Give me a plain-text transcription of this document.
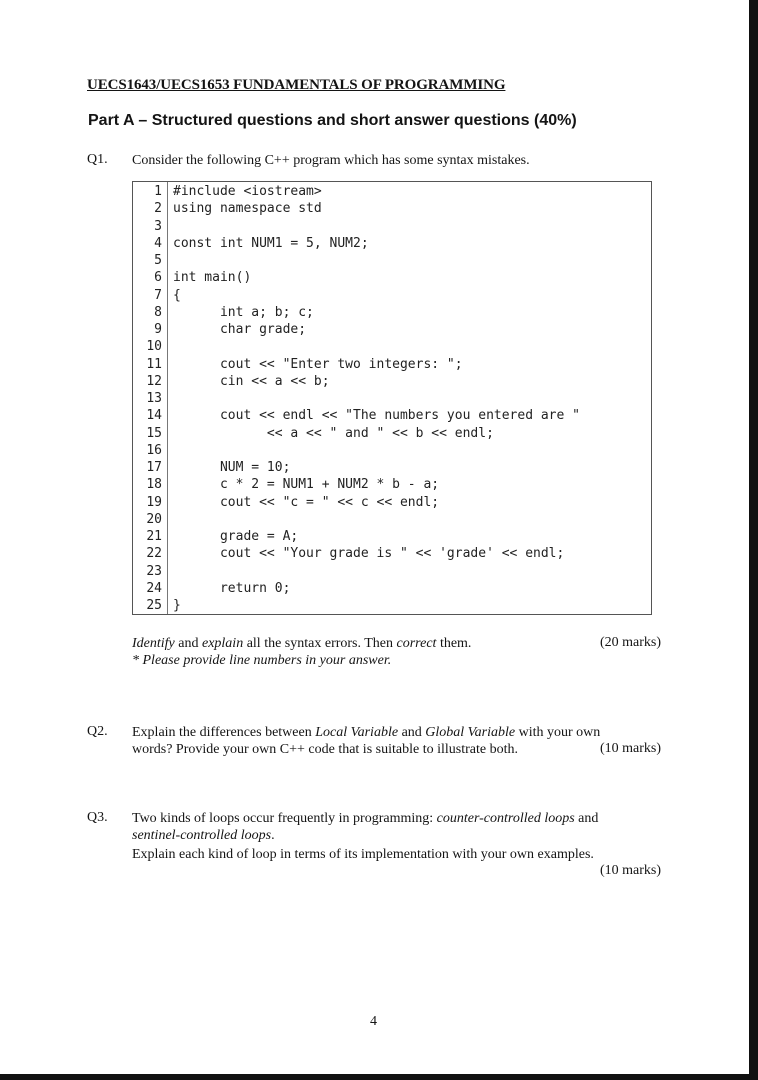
UECS1643/UECS1653 FUNDAMENTALS OF PROGRAMMING
Part A – Structured questions and short answer questions (40%)
Q1. Consider the following C++ program which has some syntax mistakes.
1 #include <iostream>
2 using namespace std
3
4 const int NUM1 = 5, NUM2;
5
6 int main()
7 {
8 int a; b; c;
9 char grade;
10
11 cout << "Enter two integers: ";
12 cin << a << b;
13
14 cout << endl << "The numbers you entered are "
15 << a << " and " << b << endl;
16
17 NUM = 10;
18 c * 2 = NUM1 + NUM2 * b - a;
19 cout << "c = " << c << endl;
20
21 grade = A;
22 cout << "Your grade is " << 'grade' << endl;
23
24 return 0;
25 }
Identify and explain all the syntax errors. Then correct them.	(20 marks)
* Please provide line numbers in your answer.
Q2. Explain the differences between Local Variable and Global Variable with your own
words? Provide your own C++ code that is suitable to illustrate both.	(10 marks)
Q3. Two kinds of loops occur frequently in programming: counter-controlled loops and
sentinel-controlled loops.
Explain each kind of loop in terms of its implementation with your own examples.
(10 marks)
4
